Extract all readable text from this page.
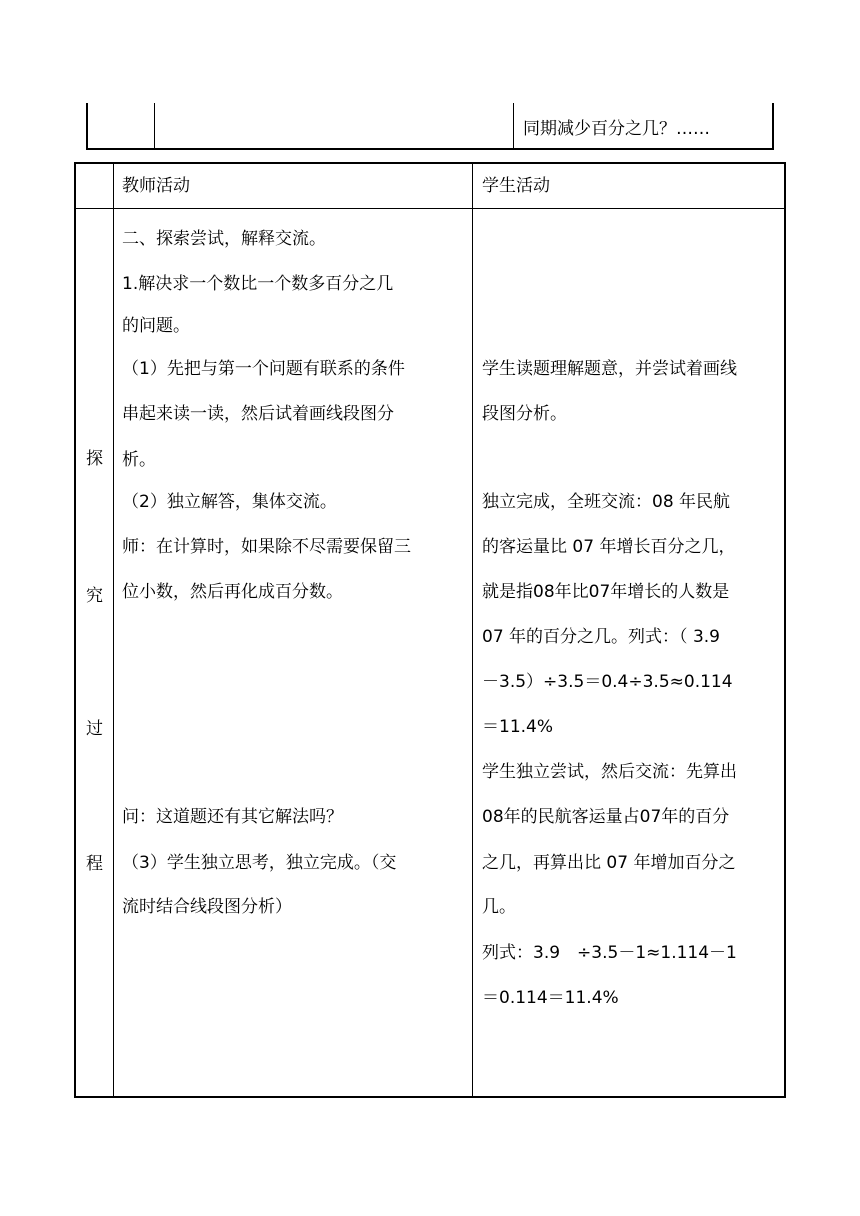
同期减少百分之几？……
教师活动	学生活动
探
究
过
程
二、探索尝试，解释交流。
1.解决求一个数比一个数多百分之几
的问题。
（1）先把与第一个问题有联系的条件
串起来读一读，然后试着画线段图分
析。
（2）独立解答，集体交流。
师：在计算时，如果除不尽需要保留三
位小数，然后再化成百分数。
问：这道题还有其它解法吗？
（3）学生独立思考，独立完成。（交
流时结合线段图分析）
学生读题理解题意，并尝试着画线
段图分析。
独立完成，全班交流：08 年民航
的客运量比 07 年增长百分之几，
就是指08年比07年增长的人数是
07 年的百分之几。列式：（ 3.9
－3.5）÷3.5＝0.4÷3.5≈0.114
＝11.4%
学生独立尝试，然后交流：先算出
08年的民航客运量占07年的百分
之几，再算出比 07 年增加百分之
几。
列式：3.9　÷3.5－1≈1.114－1
＝0.114＝11.4%
